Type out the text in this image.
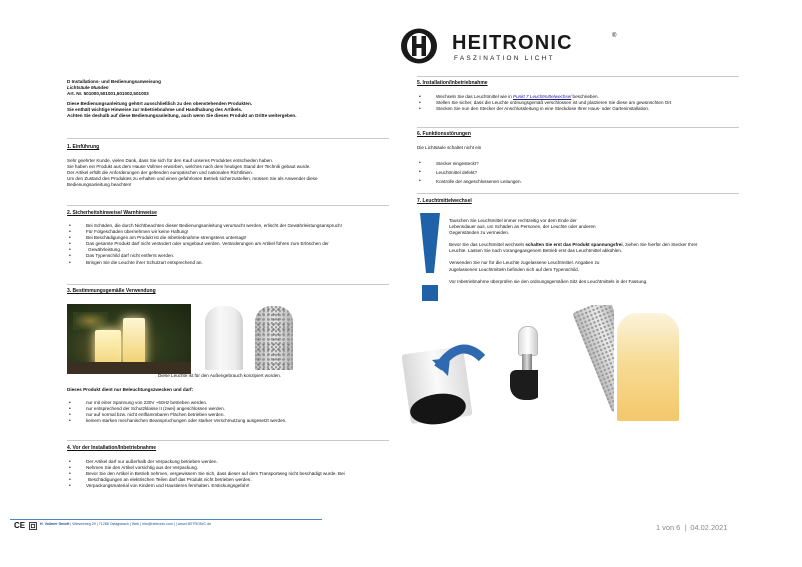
HEITRONIC	®
FASZINATION LICHT
D Installations- und Bedienungsanweisung
Lichtsäule Munden
Art. Nr. 501000,501001,501002,501003
Diese Bedienungsanleitung gehört ausschließlich zu den obenstehenden Produkten.
Sie enthält wichtige Hinweise zur Inbetriebnahme und Handhabung des Artikels.
Achten Sie deshalb auf diese Bedienungsanleitung, auch wenn Sie dieses Produkt an Dritte weitergeben.
1. Einführung
Sehr geehrter Kunde, vielen Dank, dass Sie sich für den Kauf unseres Produktes entschieden haben.
Sie haben ein Produkt aus dem Hause Vollmer erworben, welches nach dem heutigen Stand der Technik gebaut wurde.
Der Artikel erfüllt die Anforderungen der geltenden europäischen und nationalen Richtlinien.
Um den Zustand des Produktes zu erhalten und einen gefahrlosen Betrieb sicherzustellen, müssen Sie als Anwender diese
Bedienungsanleitung beachten!
2. Sicherheitshinweise/ Warnhinweise
• Bei Schäden, die durch Nichtbeachten dieser Bedienungsanleitung verursacht werden, erlischt der Gewährleistungsanspruch!
• Für Folgeschäden übernehmen wir keine Haftung!
• Bei Beschädigungen am Produkt ist die Inbetriebnahme strengstens untersagt!
• Das gesamte Produkt darf nicht verändert oder umgebaut werden. Veränderungen am Artikel führen zum Erlöschen der
• Gewährleistung.
• Das Typenschild darf nicht entfernt werden.
• Bringen Sie die Leuchte ihrer Schutzart entsprechend an.
3. Bestimmungsgemäße Verwendung
Diese Leuchte ist für den Außengebrauch konzipiert worden.
Dieses Produkt dient nur Beleuchtungszwecken und darf:
• nur mit einer Spannung von 230V ~50Hz betrieben werden.
• nur entsprechend der Schutzklasse II (zwei) angeschlossen werden.
• nur auf normal bzw. nicht entflammbaren Flächen betrieben werden.
• keinem starken mechanischen Beanspruchungen oder starker Verschmutzung ausgesetzt werden.
4. Vor der Installation/Inbetriebnahme
• Der Artikel darf nur außerhalb der Verpackung betrieben werden.
• Nehmen Sie den Artikel vorsichtig aus der Verpackung.
• Bevor Sie den Artikel in Betrieb nehmen, vergewissern Sie sich, dass dieser auf dem Transportweg nicht beschädigt wurde. Bei
• Beschädigungen an elektrischen Teilen darf das Produkt nicht betrieben werden.
• Verpackungsmaterial von Kindern und Haustieren fernhalten. Erstickungsgefahr!
5. Installation/Inbetriebnahme
• Wechseln Sie das Leuchtmittel wie in Punkt 7 Leuchtmittelwechsel beschrieben.
• Stellen Sie sicher, dass die Leuchte ordnungsgemäß verschlossen ist und platzieren Sie diese am gewünschten Ort
• Stecken Sie nun den Stecker der Anschlussleitung in eine Steckdose Ihrer Haus- oder Garteninstallation.
6. Funktionsstörungen
Die Lichtsäule schaltet nicht ein
• Stecker eingesteckt?
• Leuchtmittel defekt?
• Kontrolle der angeschlossenen Leitungen.
7. Leuchtmittelwechsel
Tauschen Sie Leuchtmittel immer rechtzeitig vor dem Ende der
Lebensdauer aus, um Schäden an Personen, der Leuchte oder anderen
Gegenständen zu vermeiden.
Bevor Sie das Leuchtmittel wechseln schalten Sie erst das Produkt spannungsfrei, ziehen Sie hierfür den Stecker Ihrer
Leuchte. Lassen Sie nach vorangegangenem Betrieb erst das Leuchtmittel abkühlen.
Verwenden Sie nur für die Leuchte zugelassene Leuchtmittel. Angaben zu
zugelassenen Leuchtmitteln befinden sich auf dem Typenschild.
Vor Inbetriebnahme überprüfen sie den ordnungsgemäßen Sitz des Leuchtmittels in der Fassung.
CE	H. Vollmer GmbH | Wiesenweg 29 | 71288 Ostagsbach | Web | info@heitronic.com | | www.HEITRONIC.de	1 von 6 | 04.02.2021
